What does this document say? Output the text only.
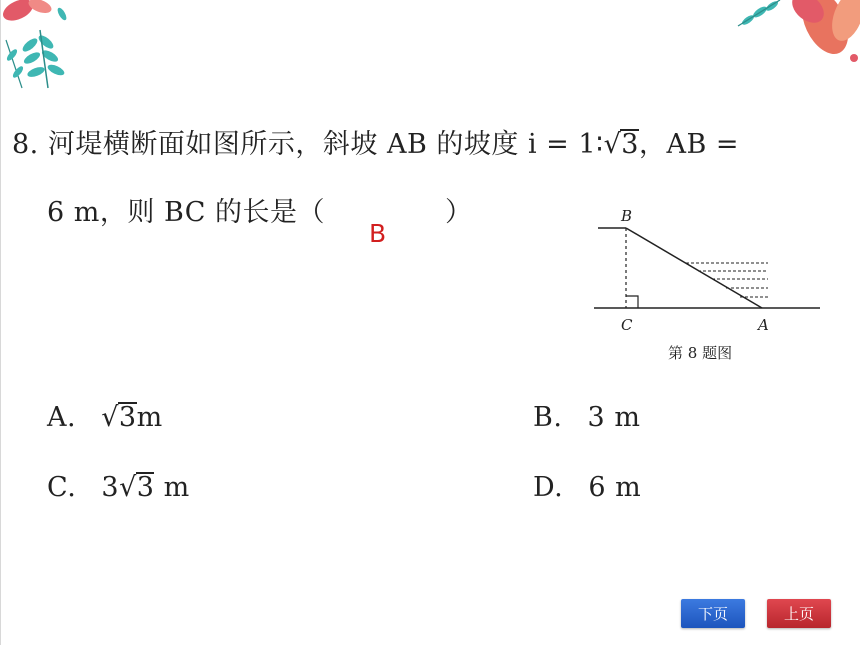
8. 河堤横断面如图所示，斜坡 AB 的坡度 i = 1∶ √ 3 ，AB =
6 m，则 BC 的长是（
B
）	B
C	A
第 8 题图
A. √ 3 m	B. 3 m
C. 3 √ 3 m	D. 6 m
下页	上页
